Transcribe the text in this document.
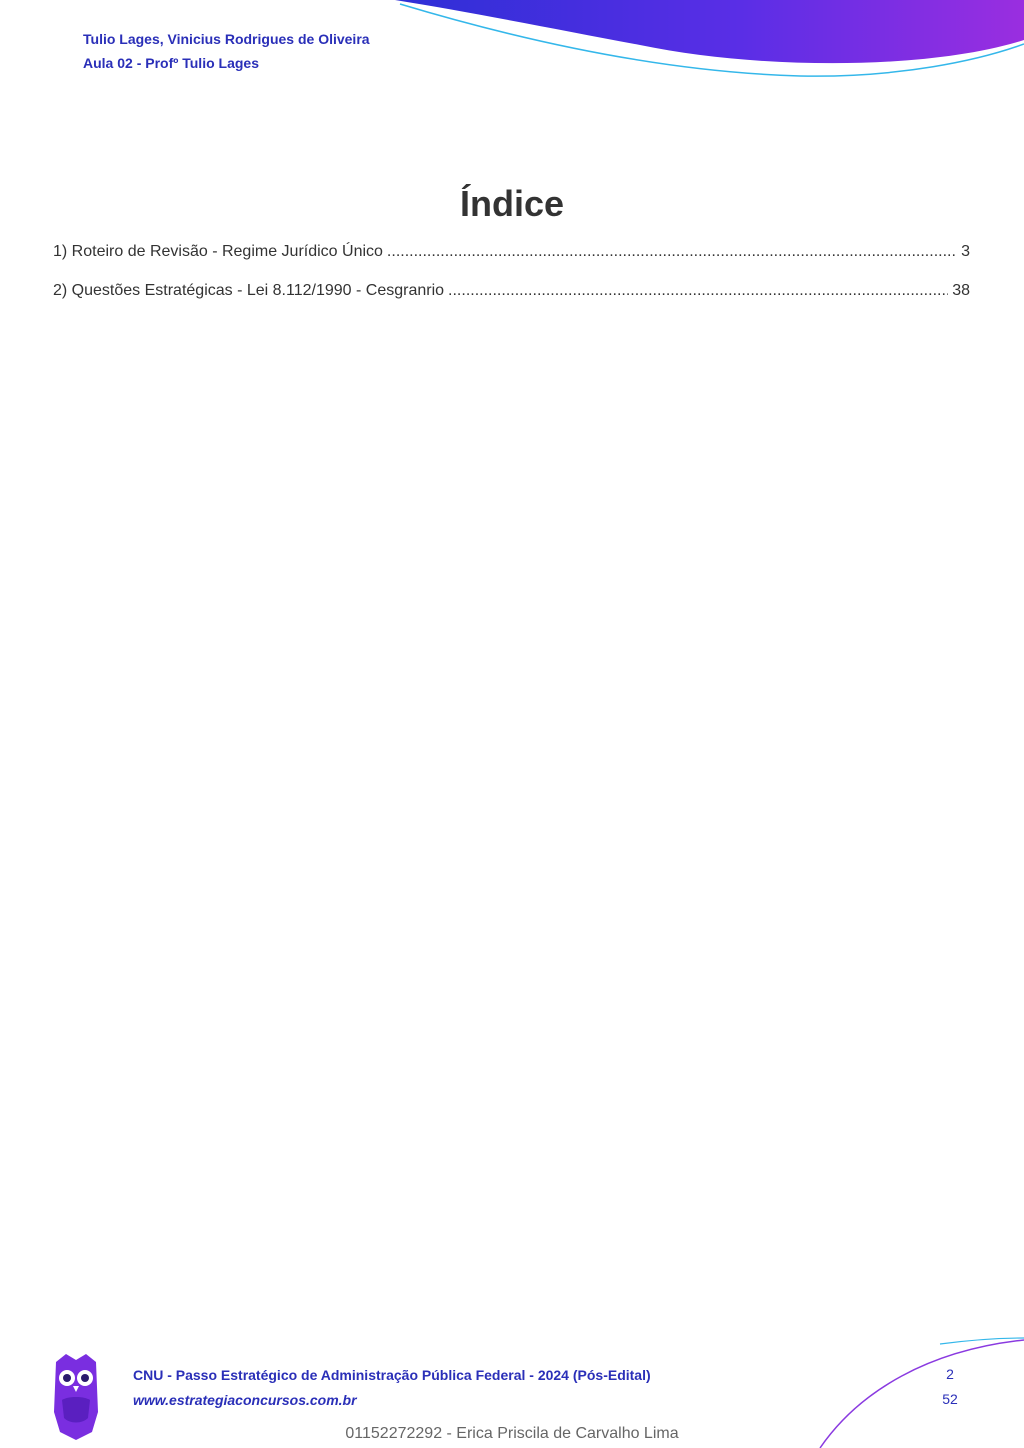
Tulio Lages, Vinicius Rodrigues de Oliveira
Aula 02 - Profº Tulio Lages
Índice
1) Roteiro de Revisão - Regime Jurídico Único .....	3
2) Questões Estratégicas - Lei 8.112/1990 - Cesgranrio .....	38
CNU - Passo Estratégico de Administração Pública Federal - 2024 (Pós-Edital)
www.estrategiaconcursos.com.br
2
52
01152272292 - Erica Priscila de Carvalho Lima
